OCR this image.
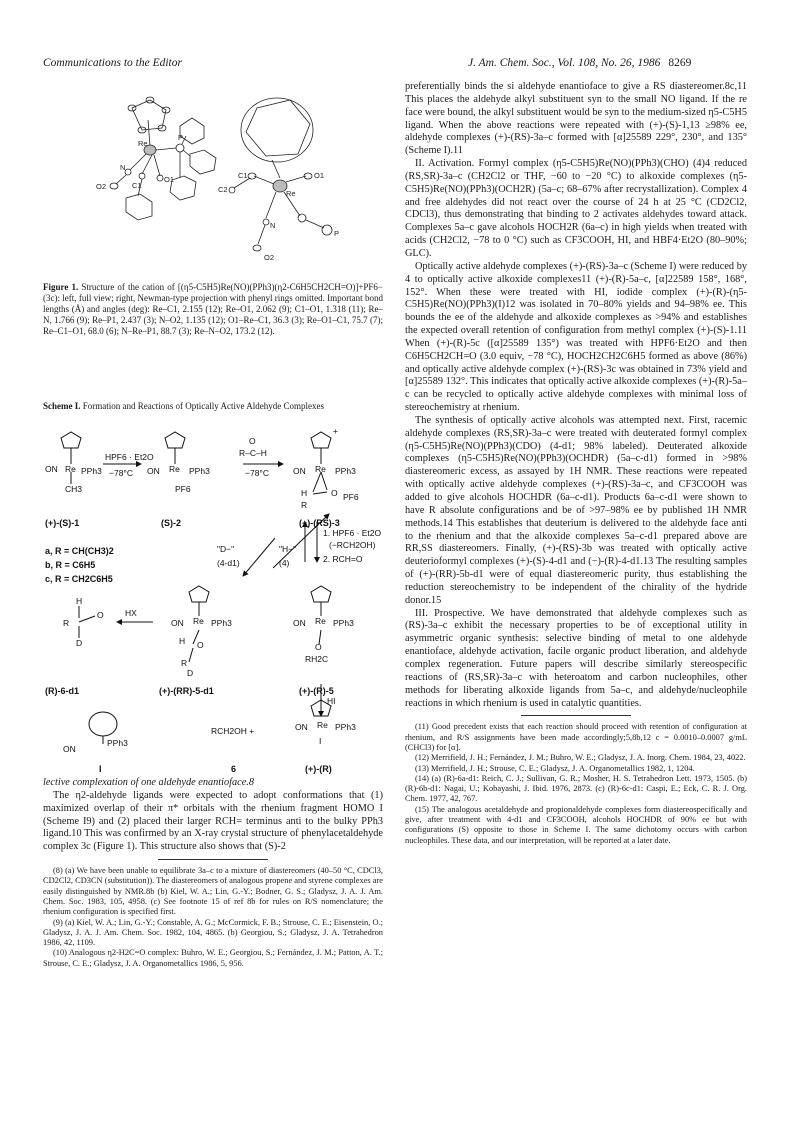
Communications to the Editor	J. Am. Chem. Soc., Vol. 108, No. 26, 1986 8269
Re
P
O2
N
C1
O1	C1	O1
C2	Re
N
P
O2
Figure 1. Structure of the cation of [(η5-C5H5)Re(NO)(PPh3)(η2-C6H5CH2CH=O)]+PF6− (3c): left, full view; right, Newman-type projection with phenyl rings omitted. Important bond lengths (Å) and angles (deg): Re–C1, 2.155 (12); Re–O1, 2.062 (9); C1–O1, 1.318 (11); Re–N, 1.766 (9); Re–P1, 2.437 (3); N–O2, 1.135 (12); O1–Re–C1, 36.3 (3); Re–O1–C1, 75.7 (7); Re–C1–O1, 68.0 (6); N–Re–P1, 88.7 (3); Re–N–O2, 173.2 (12).
Scheme I. Formation and Reactions of Optically Active Aldehyde Complexes
ON Re PPh3
CH3
HPF6 · Et2O
−78°C ON Re PPh3
PF6
O
R–C–H
−78°C	ON Re PPh3
+
H
R
O PF6
(+)-(S)-1	(S)-2	(+)-(RS)-3
a, R = CH(CH3)2
b, R = C6H5
c, R = CH2C6H5
"D−"
(4-d1)
"H−"
(4)
1. HPF6 · Et2O
(−RCH2OH)
2. RCH=O
H
O
R
D
HX
ON Re PPh3
H O
R
D
ON Re PPh3
O
RH2C
(R)-6-d1	(+)-(RR)-5-d1	(+)-(R)-5
HI
ON
PPh3
RCH2OH +	ON Re PPh3
I
I	6	(+)-(R)

lective complexation of one aldehyde enantioface.8

The η2-aldehyde ligands were expected to adopt conformations that (1) maximized overlap of their π* orbitals with the rhenium fragment HOMO I (Scheme I9) and (2) placed their larger RCH= terminus anti to the bulky PPh3 ligand.10 This was confirmed by an X-ray crystal structure of phenylacetaldehyde complex 3c (Figure 1). This structure also shows that (S)-2

(8) (a) We have been unable to equilibrate 3a–c to a mixture of diastereomers (40–50 °C, CDCl3, CD2Cl2, CD3CN (substitution)). The diastereomers of analogous propene and styrene complexes are easily distinguished by NMR.8b (b) Kiel, W. A.; Lin, G.-Y.; Bodner, G. S.; Gladysz, J. A. J. Am. Chem. Soc. 1983, 105, 4958. (c) See footnote 15 of ref 8b for rules on R/S nomenclature; the rhenium configuration is specified first.

(9) (a) Kiel, W. A.; Lin, G.-Y.; Constable, A. G.; McCormick, F. B.; Strouse, C. E.; Eisenstein, O.; Gladysz, J. A. J. Am. Chem. Soc. 1982, 104, 4865. (b) Georgiou, S.; Gladysz, J. A. Tetrahedron 1986, 42, 1109.

(10) Analogous η2-H2C=O complex: Buhro, W. E.; Georgiou, S.; Fernández, J. M.; Patton, A. T.; Strouse, C. E.; Gladysz, J. A. Organometallics 1986, 5, 956.

preferentially binds the si aldehyde enantioface to give a RS diastereomer.8c,11 This places the aldehyde alkyl substituent syn to the small NO ligand. If the re face were bound, the alkyl substituent would be syn to the medium-sized η5-C5H5 ligand. When the above reactions were repeated with (+)-(S)-1,13 ≥98% ee, aldehyde complexes (+)-(RS)-3a–c formed with [α]25589 229°, 230°, and 135° (Scheme I).11

II. Activation. Formyl complex (η5-C5H5)Re(NO)(PPh3)(CHO) (4)4 reduced (RS,SR)-3a–c (CH2Cl2 or THF, −60 to −20 °C) to alkoxide complexes (η5-C5H5)Re(NO)(PPh3)(OCH2R) (5a–c; 68–67% after recrystallization). Complex 4 and free aldehydes did not react over the course of 24 h at 25 °C (CD2Cl2, CDCl3), thus demonstrating that binding to 2 activates aldehydes toward attack. Complexes 5a–c gave alcohols HOCH2R (6a–c) in high yields when treated with acids (CH2Cl2, −78 to 0 °C) such as CF3COOH, HI, and HBF4·Et2O (80–90%; GLC).

Optically active aldehyde complexes (+)-(RS)-3a–c (Scheme I) were reduced by 4 to optically active alkoxide complexes11 (+)-(R)-5a–c, [α]22589 158°, 168°, 152°. When these were treated with HI, iodide complex (+)-(R)-(η5-C5H5)Re(NO)(PPh3)(I)12 was isolated in 70–80% yields and 94–98% ee. This bounds the ee of the aldehyde and alkoxide complexes as >94% and establishes the expected overall retention of configuration from methyl complex (+)-(S)-1.11 When (+)-(R)-5c ([α]25589 135°) was treated with HPF6·Et2O and then C6H5CH2CH=O (3.0 equiv, −78 °C), HOCH2CH2C6H5 formed as above (86%) and optically active aldehyde complex (+)-(RS)-3c was obtained in 73% yield and [α]25589 132°. This indicates that optically active alkoxide complexes (+)-(R)-5a–c can be recycled to optically active aldehyde complexes with minimal loss of stereochemistry at rhenium.

The synthesis of optically active alcohols was attempted next. First, racemic aldehyde complexes (RS,SR)-3a–c were treated with deuterated formyl complex (η5-C5H5)Re(NO)(PPh3)(CDO) (4-d1; 98% labeled). Deuterated alkoxide complexes (η5-C5H5)Re(NO)(PPh3)(OCHDR) (5a–c-d1) formed in >98% diastereomeric excess, as assayed by 1H NMR. These reactions were repeated with optically active aldehyde complexes (+)-(RS)-3a–c, and CF3COOH was added to give alcohols HOCHDR (6a–c-d1). Products 6a–c-d1 were shown to have R absolute configurations and be of >97–98% ee by published 1H NMR methods.14 This establishes that deuterium is delivered to the aldehyde face anti to the rhenium and that the alkoxide complexes 5a–c-d1 prepared above are RR,SS diastereomers. Finally, (+)-(RS)-3b was treated with optically active deuterioformyl complexes (+)-(S)-4-d1 and (−)-(R)-4-d1.13 The resulting samples of (+)-(RR)-5b-d1 were of equal diastereomeric purity, thus establishing the reduction stereochemistry to be independent of the chirality of the hydride donor.15

III. Prospective. We have demonstrated that aldehyde complexes such as (RS)-3a–c exhibit the necessary properties to be of exceptional utility in asymmetric organic synthesis: selective binding of metal to one aldehyde enantioface, aldehyde activation, facile organic product liberation, and aldehyde complex regeneration. Future papers will describe similarly stereospecific reactions of (RS,SR)-3a–c with heteroatom and carbon nucleophiles, other methods for liberating alkoxide ligands from 5a–c, and aldehyde/nucleophile reactions in which rhenium is used in catalytic quantities.

(11) Good precedent exists that each reaction should proceed with retention of configuration at rhenium, and R/S assignments have been made accordingly;5,8b,12 c = 0.0010–0.0007 g/mL (CHCl3) for [α].

(12) Merrifield, J. H.; Fernández, J. M.; Buhro, W. E.; Gladysz, J. A. Inorg. Chem. 1984, 23, 4022.

(13) Merrifield, J. H.; Strouse, C. E.; Gladysz, J. A. Organometallics 1982, 1, 1204.

(14) (a) (R)-6a-d1: Reich, C. J.; Sullivan, G. R.; Mosher, H. S. Tetrahedron Lett. 1973, 1505. (b) (R)-6b-d1: Nagai, U.; Kobayashi, J. Ibid. 1976, 2873. (c) (R)-6c-d1: Caspi, E.; Eck, C. R. J. Org. Chem. 1977, 42, 767.

(15) The analogous acetaldehyde and propionaldehyde complexes form diastereospecifically and give, after treatment with 4-d1 and CF3COOH, alcohols HOCHDR of 90% ee but with configurations (S) opposite to those in Scheme I. The same dichotomy occurs with carbon nucleophiles. These data, and our interpretation, will be reported at a later date.
